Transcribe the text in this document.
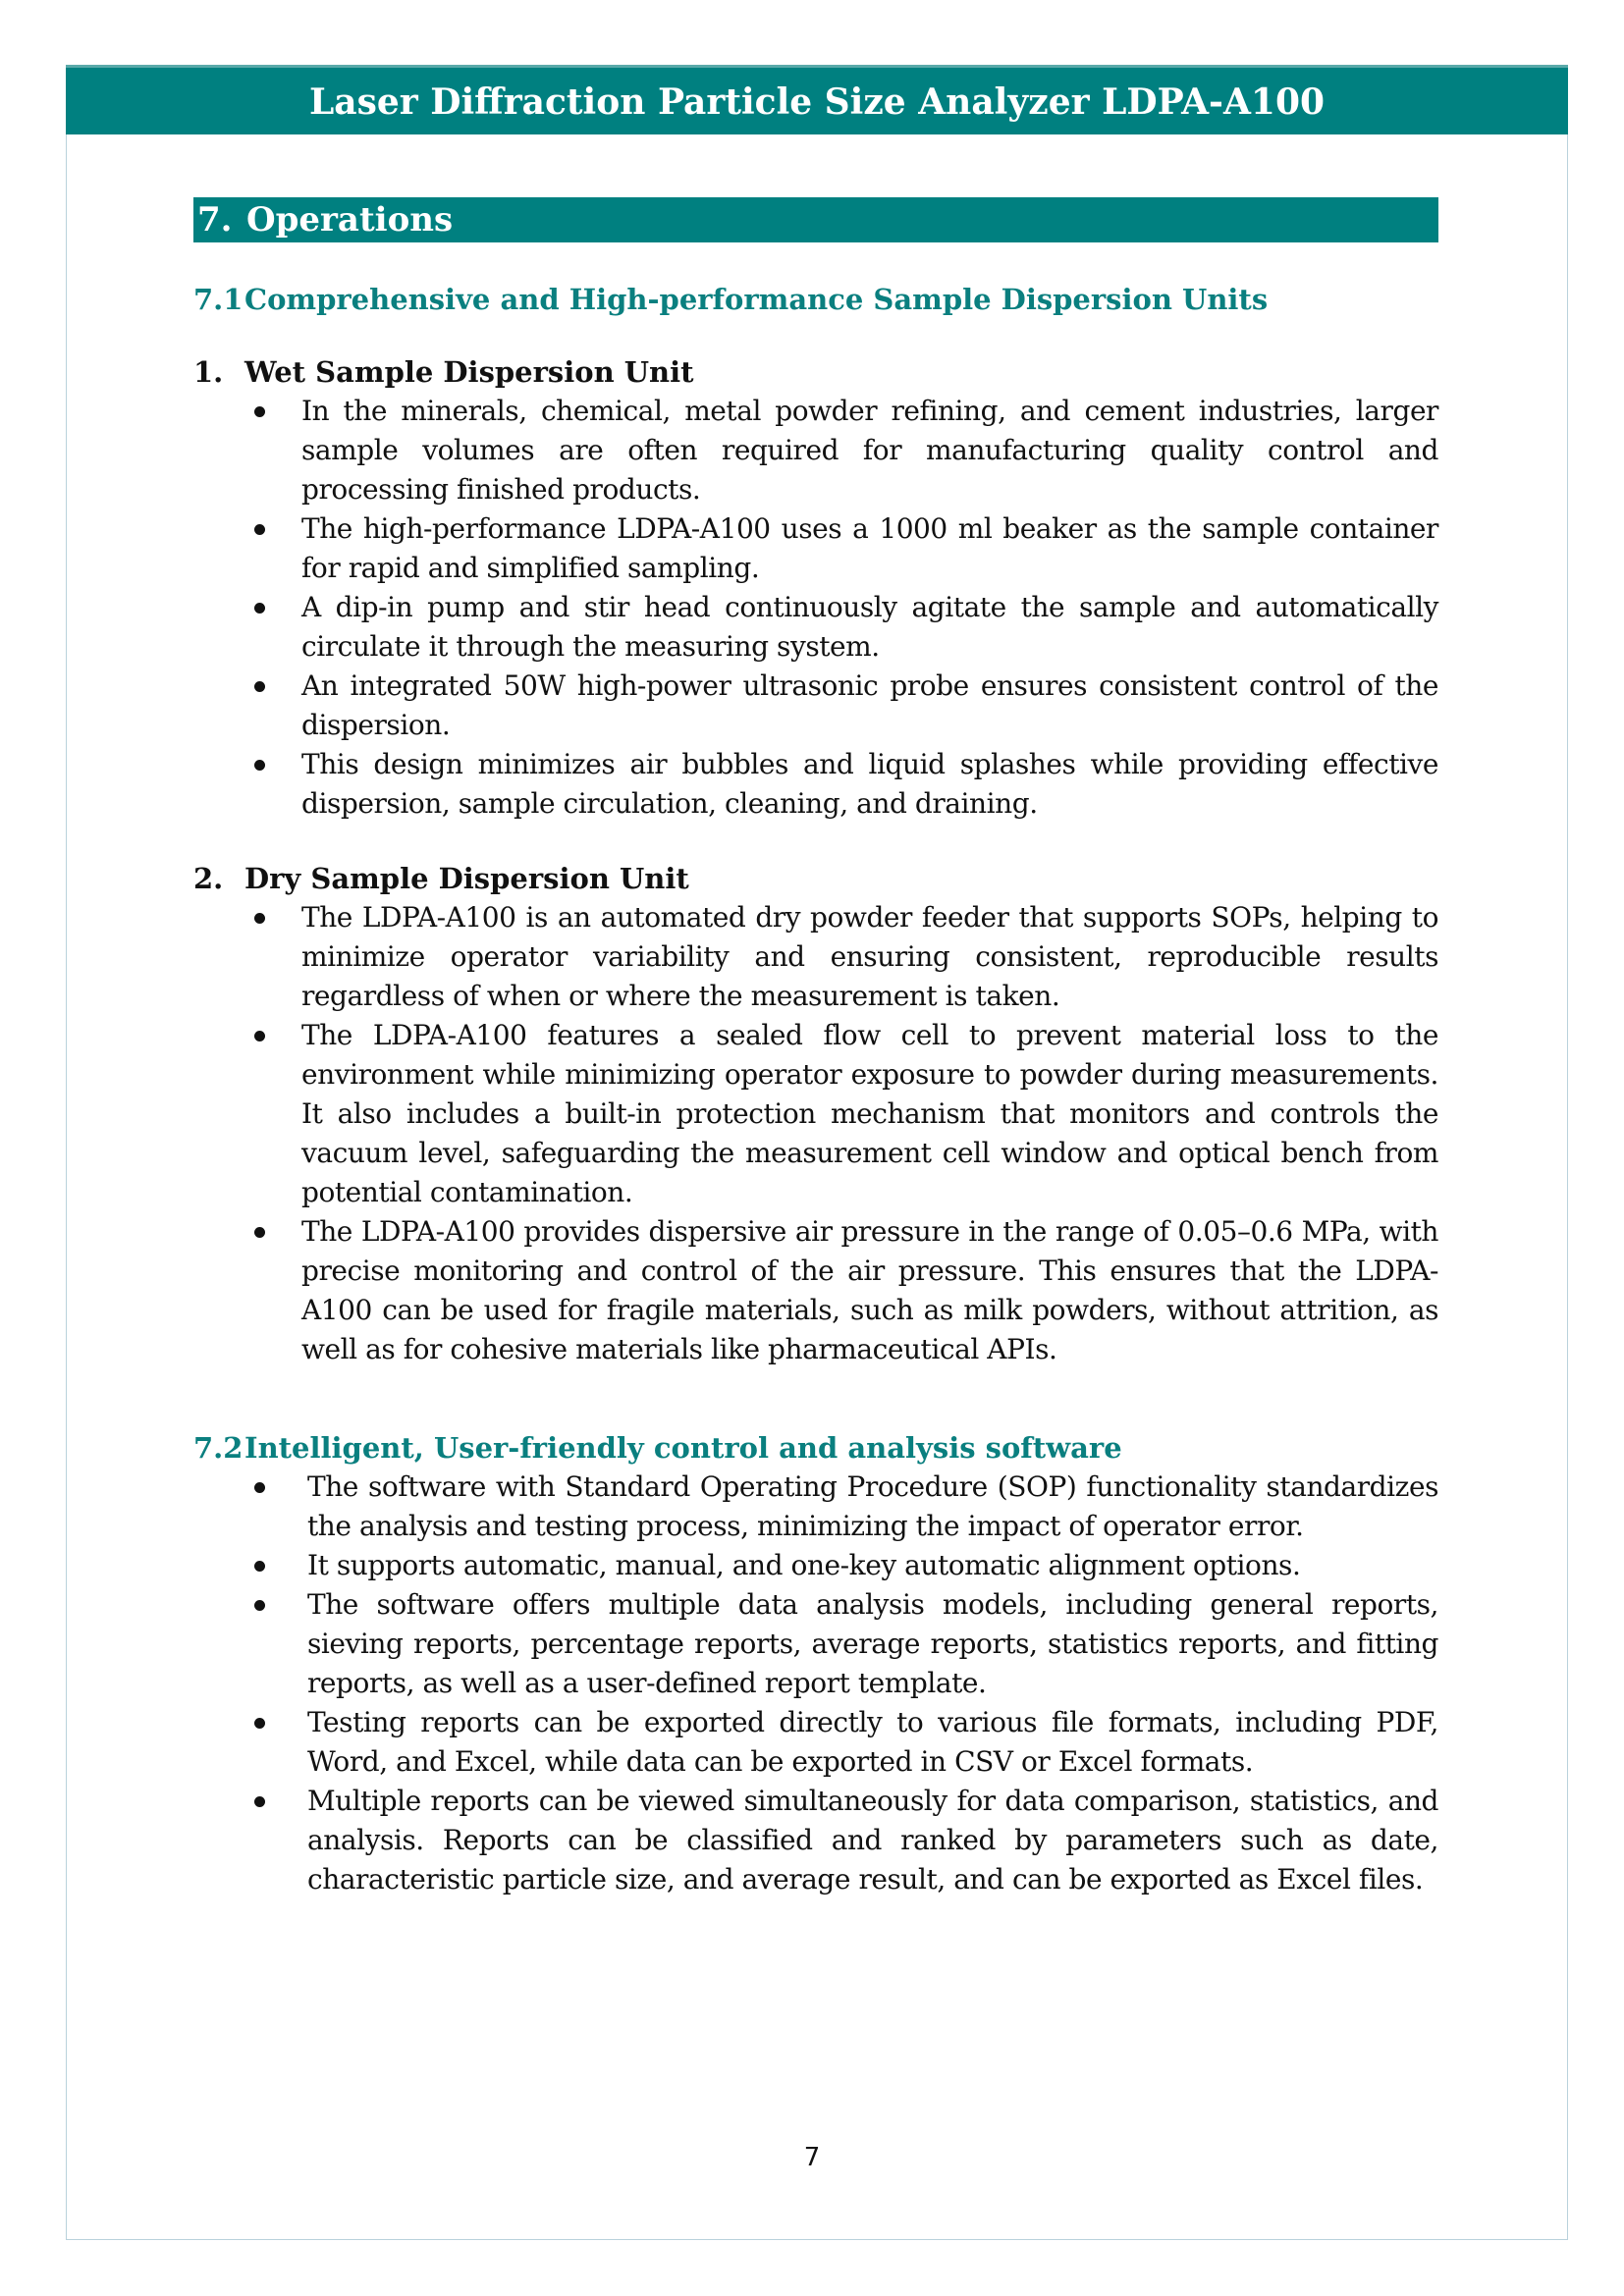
Laser Diffraction Particle Size Analyzer LDPA-A100
7. Operations
7.1Comprehensive and High-performance Sample Dispersion Units
1. Wet Sample Dispersion Unit
In the minerals, chemical, metal powder refining, and cement industries, larger sample volumes are often required for manufacturing quality control and processing finished products.
The high-performance LDPA-A100 uses a 1000 ml beaker as the sample container for rapid and simplified sampling.
A dip-in pump and stir head continuously agitate the sample and automatically circulate it through the measuring system.
An integrated 50W high-power ultrasonic probe ensures consistent control of the dispersion.
This design minimizes air bubbles and liquid splashes while providing effective dispersion, sample circulation, cleaning, and draining.
2. Dry Sample Dispersion Unit
The LDPA-A100 is an automated dry powder feeder that supports SOPs, helping to minimize operator variability and ensuring consistent, reproducible results regardless of when or where the measurement is taken.
The LDPA-A100 features a sealed flow cell to prevent material loss to the environment while minimizing operator exposure to powder during measurements. It also includes a built-in protection mechanism that monitors and controls the vacuum level, safeguarding the measurement cell window and optical bench from potential contamination.
The LDPA-A100 provides dispersive air pressure in the range of 0.05–0.6 MPa, with precise monitoring and control of the air pressure. This ensures that the LDPA-A100 can be used for fragile materials, such as milk powders, without attrition, as well as for cohesive materials like pharmaceutical APIs.
7.2Intelligent, User-friendly control and analysis software
The software with Standard Operating Procedure (SOP) functionality standardizes the analysis and testing process, minimizing the impact of operator error.
It supports automatic, manual, and one-key automatic alignment options.
The software offers multiple data analysis models, including general reports, sieving reports, percentage reports, average reports, statistics reports, and fitting reports, as well as a user-defined report template.
Testing reports can be exported directly to various file formats, including PDF, Word, and Excel, while data can be exported in CSV or Excel formats.
Multiple reports can be viewed simultaneously for data comparison, statistics, and analysis. Reports can be classified and ranked by parameters such as date, characteristic particle size, and average result, and can be exported as Excel files.
7
